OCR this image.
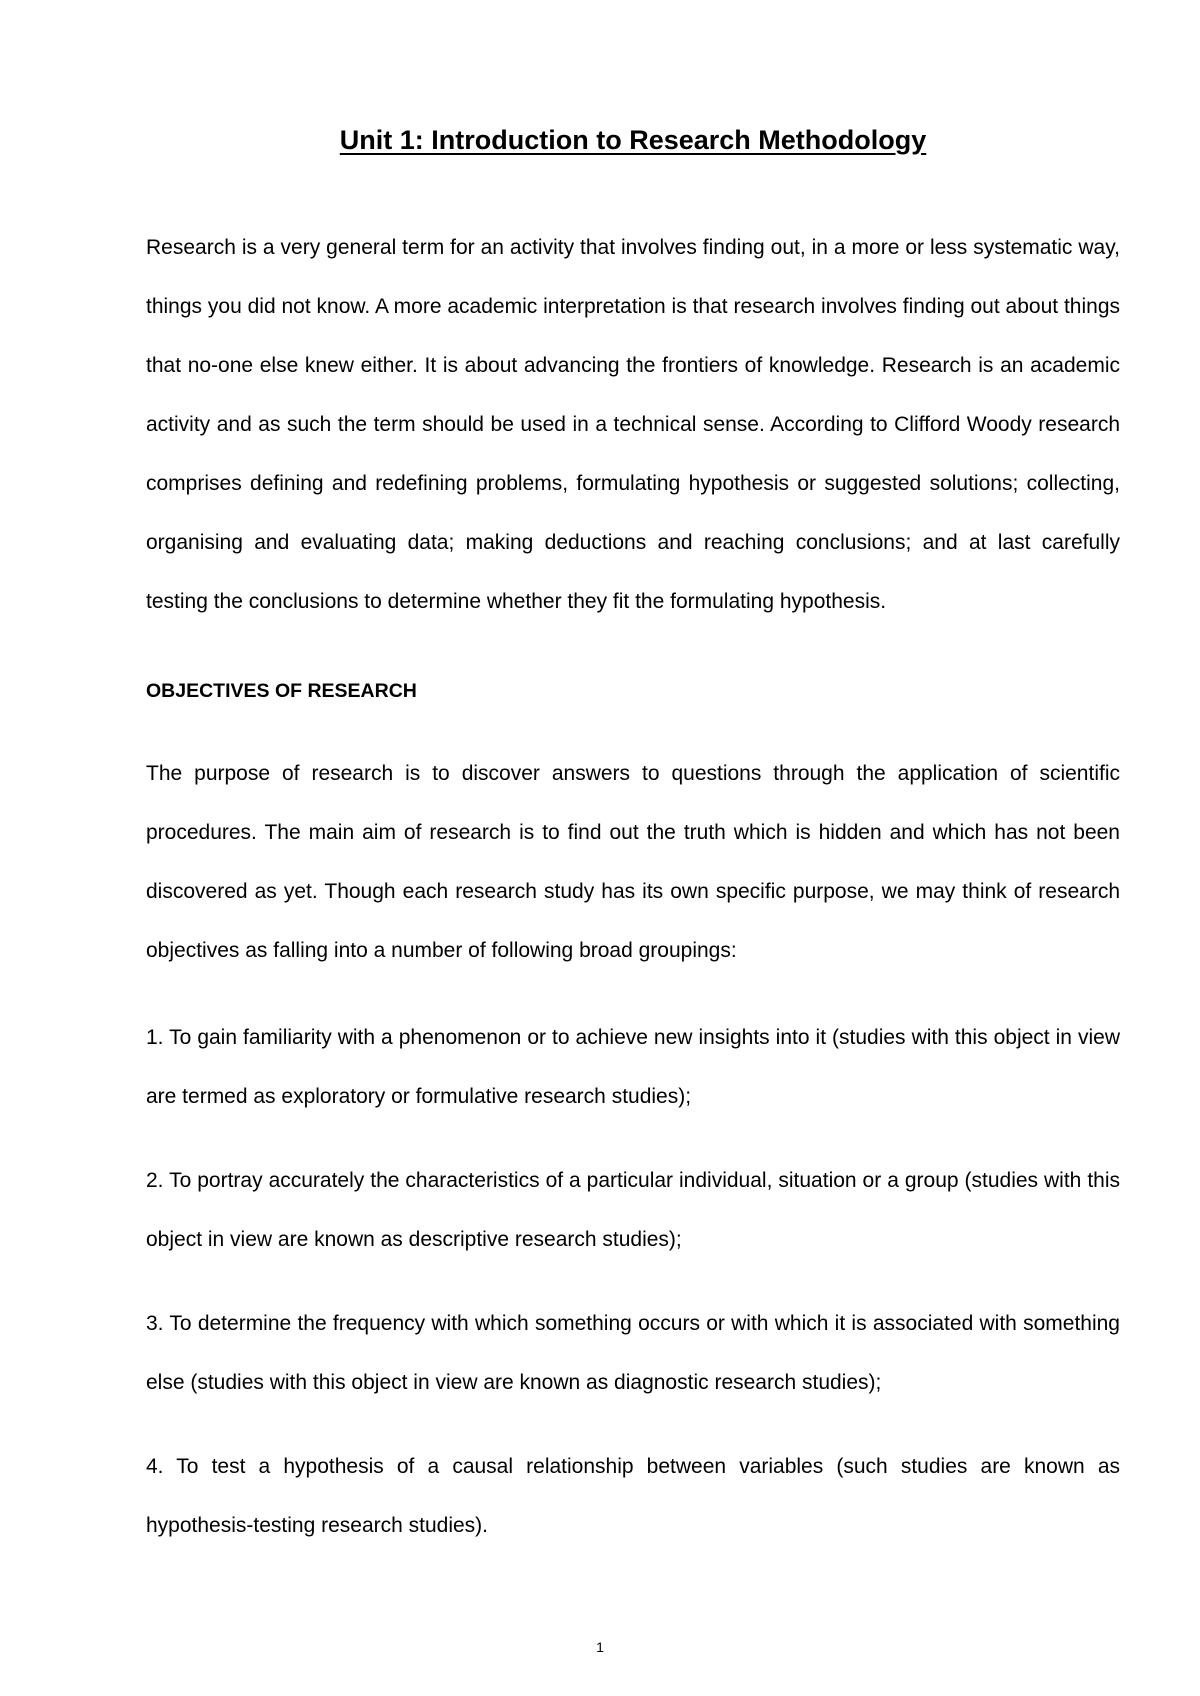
Unit 1: Introduction to Research Methodology

Research is a very general term for an activity that involves finding out, in a more or less systematic way, things you did not know. A more academic interpretation is that research involves finding out about things that no-one else knew either. It is about advancing the frontiers of knowledge. Research is an academic activity and as such the term should be used in a technical sense. According to Clifford Woody research comprises defining and redefining problems, formulating hypothesis or suggested solutions; collecting, organising and evaluating data; making deductions and reaching conclusions; and at last carefully testing the conclusions to determine whether they fit the formulating hypothesis.

OBJECTIVES OF RESEARCH

The purpose of research is to discover answers to questions through the application of scientific procedures. The main aim of research is to find out the truth which is hidden and which has not been discovered as yet. Though each research study has its own specific purpose, we may think of research objectives as falling into a number of following broad groupings:

1. To gain familiarity with a phenomenon or to achieve new insights into it (studies with this object in view are termed as exploratory or formulative research studies);

2. To portray accurately the characteristics of a particular individual, situation or a group (studies with this object in view are known as descriptive research studies);

3. To determine the frequency with which something occurs or with which it is associated with something else (studies with this object in view are known as diagnostic research studies);

4. To test a hypothesis of a causal relationship between variables (such studies are known as hypothesis-testing research studies).

1
